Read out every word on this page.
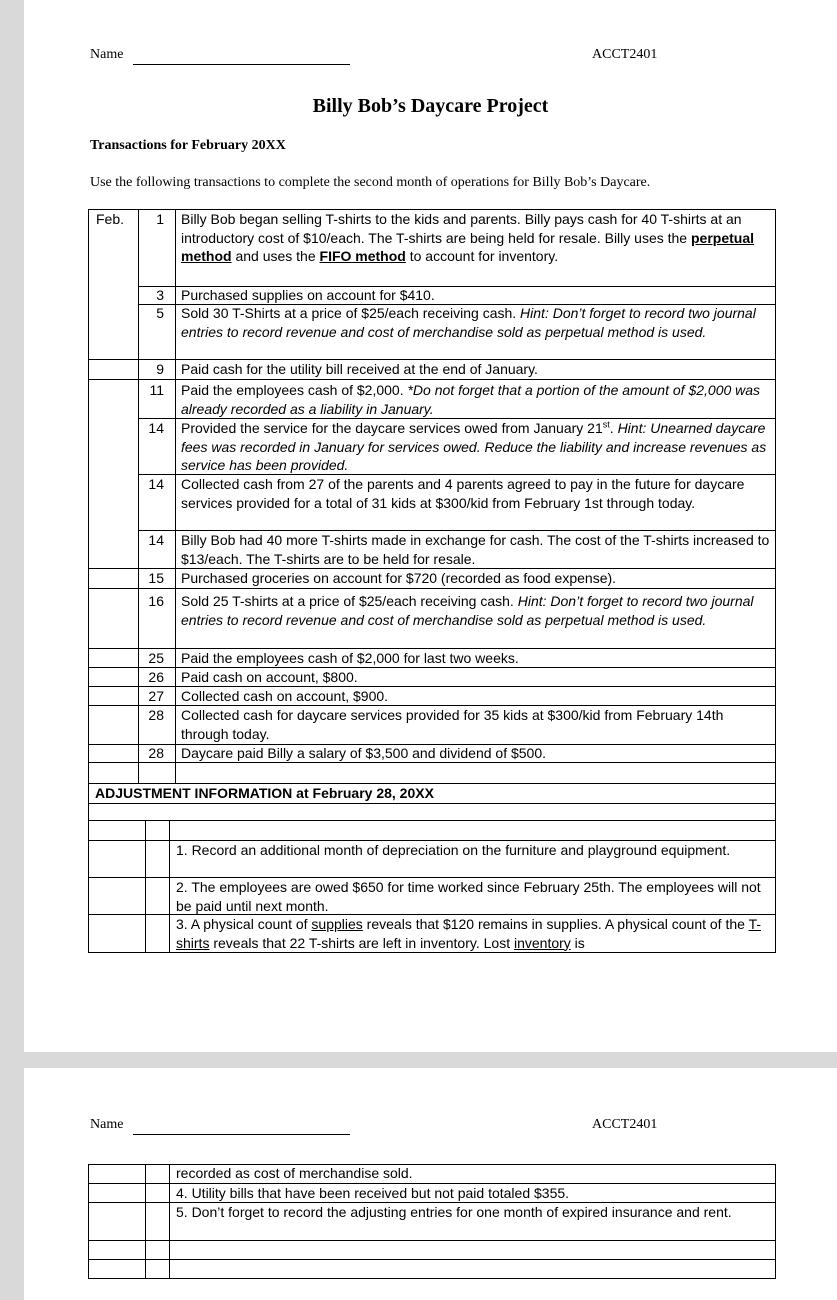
Name	ACCT2401
Billy Bob’s Daycare Project
Transactions for February 20XX
Use the following transactions to complete the second month of operations for Billy Bob’s Daycare.
Feb.	1 Billy Bob began selling T-shirts to the kids and parents. Billy pays cash for 40 T-shirts at an introductory cost of $10/each. The T-shirts are being held for resale. Billy uses the perpetual method and uses the FIFO method to account for inventory.
3 Purchased supplies on account for $410.
5 Sold 30 T-Shirts at a price of $25/each receiving cash. Hint: Don’t forget to record two journal entries to record revenue and cost of merchandise sold as perpetual method is used.
9 Paid cash for the utility bill received at the end of January.
11 Paid the employees cash of $2,000. *Do not forget that a portion of the amount of $2,000 was already recorded as a liability in January.
14 Provided the service for the daycare services owed from January 21st. Hint: Unearned daycare fees was recorded in January for services owed. Reduce the liability and increase revenues as service has been provided.
14 Collected cash from 27 of the parents and 4 parents agreed to pay in the future for daycare services provided for a total of 31 kids at $300/kid from February 1st through today.
14 Billy Bob had 40 more T-shirts made in exchange for cash. The cost of the T-shirts increased to $13/each. The T-shirts are to be held for resale.
15 Purchased groceries on account for $720 (recorded as food expense).
16 Sold 25 T-shirts at a price of $25/each receiving cash. Hint: Don’t forget to record two journal entries to record revenue and cost of merchandise sold as perpetual method is used.
25 Paid the employees cash of $2,000 for last two weeks.
26 Paid cash on account, $800.
27 Collected cash on account, $900.
28 Collected cash for daycare services provided for 35 kids at $300/kid from February 14th through today.
28 Daycare paid Billy a salary of $3,500 and dividend of $500.
ADJUSTMENT INFORMATION at February 28, 20XX
1. Record an additional month of depreciation on the furniture and playground equipment.
2. The employees are owed $650 for time worked since February 25th. The employees will not be paid until next month.
3. A physical count of supplies reveals that $120 remains in supplies. A physical count of the T-shirts reveals that 22 T-shirts are left in inventory. Lost inventory is
Name	ACCT2401
recorded as cost of merchandise sold.
4. Utility bills that have been received but not paid totaled $355.
5. Don’t forget to record the adjusting entries for one month of expired insurance and rent.
